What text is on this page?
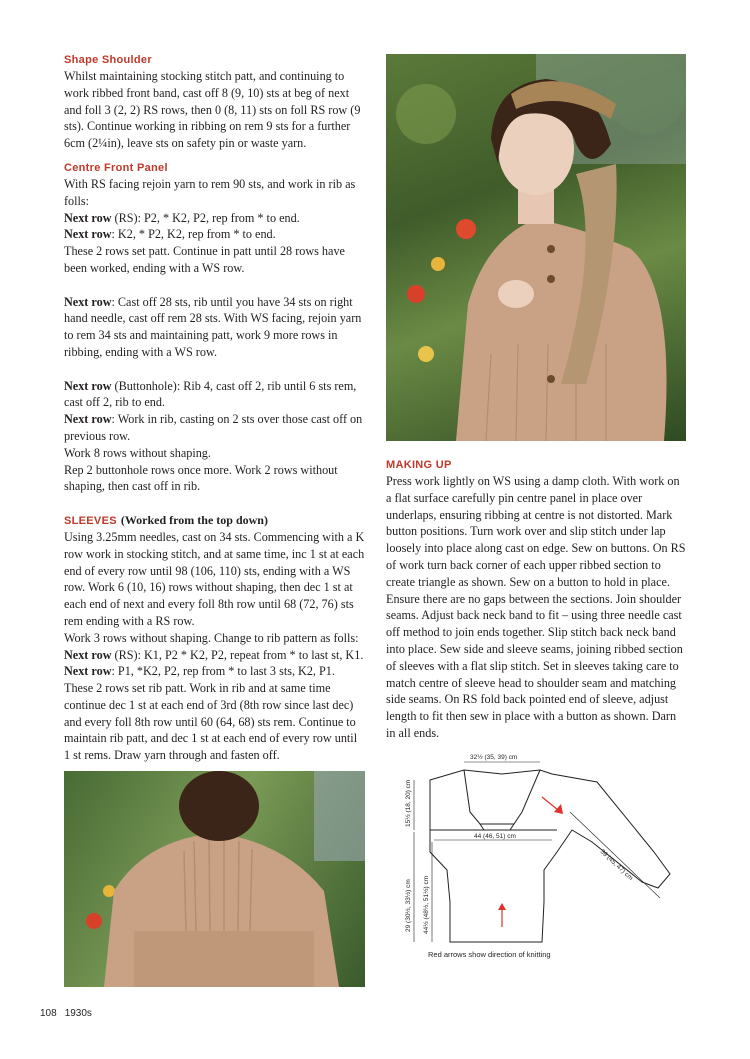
Shape Shoulder

Whilst maintaining stocking stitch patt, and continuing to work ribbed front band, cast off 8 (9, 10) sts at beg of next and foll 3 (2, 2) RS rows, then 0 (8, 11) sts on foll RS row (9 sts). Continue working in ribbing on rem 9 sts for a further 6cm (2¼in), leave sts on safety pin or waste yarn.

Centre Front Panel

With RS facing rejoin yarn to rem 90 sts, and work in rib as folls:

Next row (RS): P2, * K2, P2, rep from * to end.

Next row: K2, * P2, K2, rep from * to end.

These 2 rows set patt. Continue in patt until 28 rows have been worked, ending with a WS row.

Next row: Cast off 28 sts, rib until you have 34 sts on right hand needle, cast off rem 28 sts. With WS facing, rejoin yarn to rem 34 sts and maintaining patt, work 9 more rows in ribbing, ending with a WS row.

Next row (Buttonhole): Rib 4, cast off 2, rib until 6 sts rem, cast off 2, rib to end.

Next row: Work in rib, casting on 2 sts over those cast off on previous row.

Work 8 rows without shaping.

Rep 2 buttonhole rows once more. Work 2 rows without shaping, then cast off in rib.

SLEEVES (Worked from the top down)

Using 3.25mm needles, cast on 34 sts. Commencing with a K row work in stocking stitch, and at same time, inc 1 st at each end of every row until 98 (106, 110) sts, ending with a WS row. Work 6 (10, 16) rows without shaping, then dec 1 st at each end of next and every foll 8th row until 68 (72, 76) sts rem ending with a RS row.

Work 3 rows without shaping. Change to rib pattern as folls:

Next row (RS): K1, P2 * K2, P2, repeat from * to last st, K1.

Next row: P1, *K2, P2, rep from * to last 3 sts, K2, P1.

These 2 rows set rib patt. Work in rib and at same time continue dec 1 st at each end of 3rd (8th row since last dec) and every foll 8th row until 60 (64, 68) sts rem. Continue to maintain rib patt, and dec 1 st at each end of every row until 1 st rems. Draw yarn through and fasten off.

MAKING UP

Press work lightly on WS using a damp cloth. With work on a flat surface carefully pin centre panel in place over underlaps, ensuring ribbing at centre is not distorted. Mark button positions. Turn work over and slip stitch under lap loosely into place along cast on edge. Sew on buttons. On RS of work turn back corner of each upper ribbed section to create triangle as shown. Sew on a button to hold in place. Ensure there are no gaps between the sections. Join shoulder seams. Adjust back neck band to fit – using three needle cast off method to join ends together. Slip stitch back neck band into place. Sew side and sleeve seams, joining ribbed section of sleeves with a flat slip stitch. Set in sleeves taking care to match centre of sleeve head to shoulder seam and matching side seams. On RS fold back pointed end of sleeve, adjust length to fit then sew in place with a button as shown. Darn in all ends.

32½ (35, 39) cm
44 (46, 51) cm
15½ (18, 20) cm
29 (30½, 33½) cm 44½ (48½, 51½) cm
39 (45, 47) cm
Red arrows show direction of knitting
108 1930s
